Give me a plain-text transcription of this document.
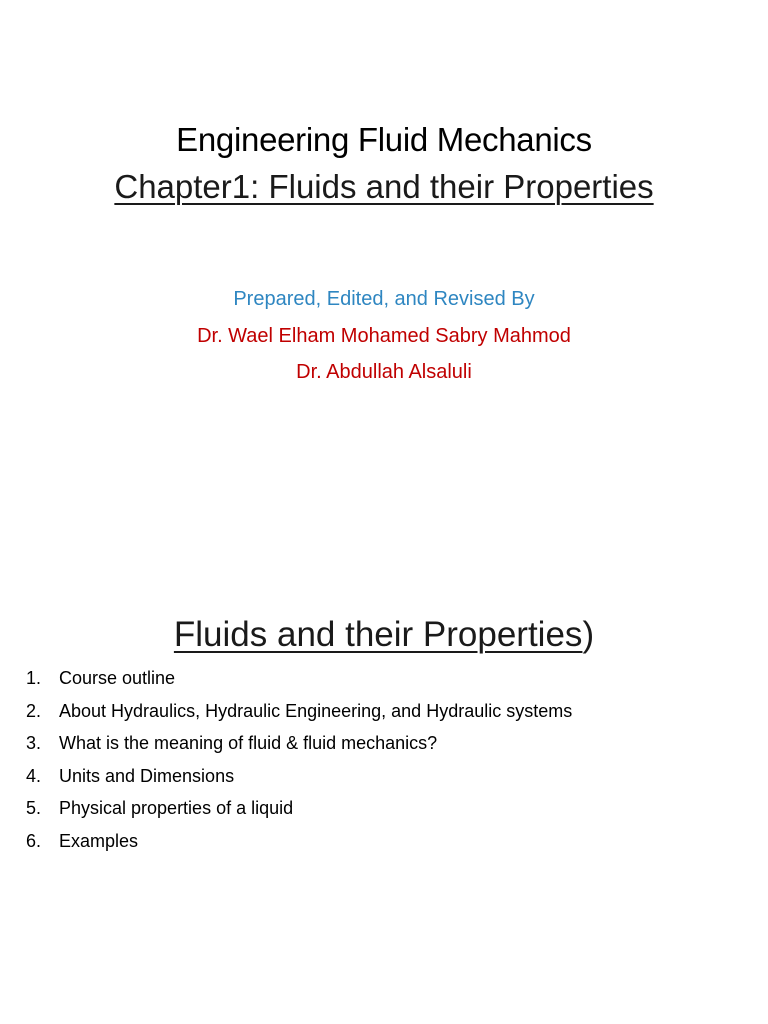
Engineering Fluid Mechanics
Chapter1: Fluids and their Properties
Prepared, Edited, and Revised By
Dr. Wael Elham Mohamed Sabry Mahmod
Dr. Abdullah Alsaluli
Fluids and their Properties)
1. Course outline
2. About Hydraulics, Hydraulic Engineering, and Hydraulic systems
3. What is the meaning of fluid & fluid mechanics?
4. Units and Dimensions
5. Physical properties of a liquid
6. Examples
